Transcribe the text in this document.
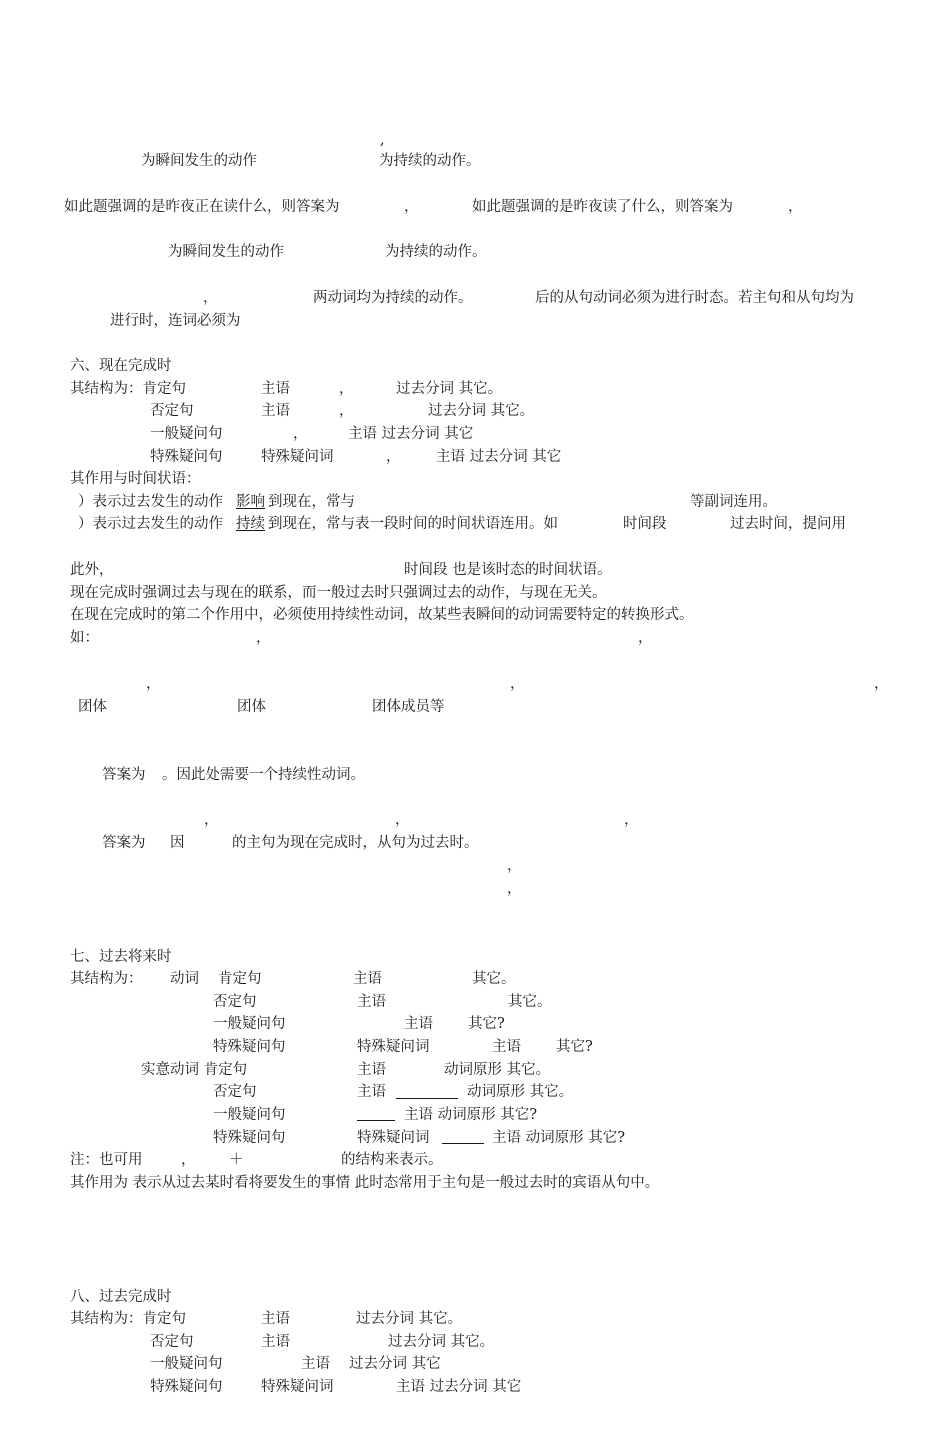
,
为瞬间发生的动作	为持续的动作。
如此题强调的是昨夜正在读什么，则答案为	，	如此题强调的是昨夜读了什么，则答案为	，
为瞬间发生的动作	为持续的动作。
，	两动词均为持续的动作。	后的从句动词必须为进行时态。若主句和从句均为
进行时，连词必须为
六、现在完成时
其结构为：肯定句	主语	，	过去分词 其它。
否定句	主语	，	过去分词 其它。
一般疑问句	，	主语 过去分词 其它
特殊疑问句	特殊疑问词	， 主语 过去分词 其它
其作用与时间状语：
）表示过去发生的动作 影响 到现在，常与	等副词连用。
）表示过去发生的动作 持续 到现在，常与表一段时间的时间状语连用。如	时间段	过去时间，提问用
此外，	时间段 也是该时态的时间状语。
现在完成时强调过去与现在的联系，而一般过去时只强调过去的动作，与现在无关。
在现在完成时的第二个作用中，必须使用持续性动词，故某些表瞬间的动词需要特定的转换形式。
如：	，	，
，	，	，
团体	团体	团体成员等
答案为 。因此处需要一个持续性动词。
，	，	，
答案为 因	的主句为现在完成时，从句为过去时。
，
，
七、过去将来时
其结构为： 动词 肯定句	主语	其它。
否定句	主语	其它。
一般疑问句	主语 其它?
特殊疑问句	特殊疑问词	主语 其它?
实意动词 肯定句	主语	动词原形 其它。
否定句	主语	动词原形 其它。
一般疑问句	主语 动词原形 其它?
特殊疑问句	特殊疑问词	主语 动词原形 其它?
注：也可用	， ＋	的结构来表示。
其作用为 表示从过去某时看将要发生的事情 此时态常用于主句是一般过去时的宾语从句中。
八、过去完成时
其结构为：肯定句	主语	过去分词 其它。
否定句	主语	过去分词 其它。
一般疑问句	主语 过去分词 其它
特殊疑问句	特殊疑问词	主语 过去分词 其它
